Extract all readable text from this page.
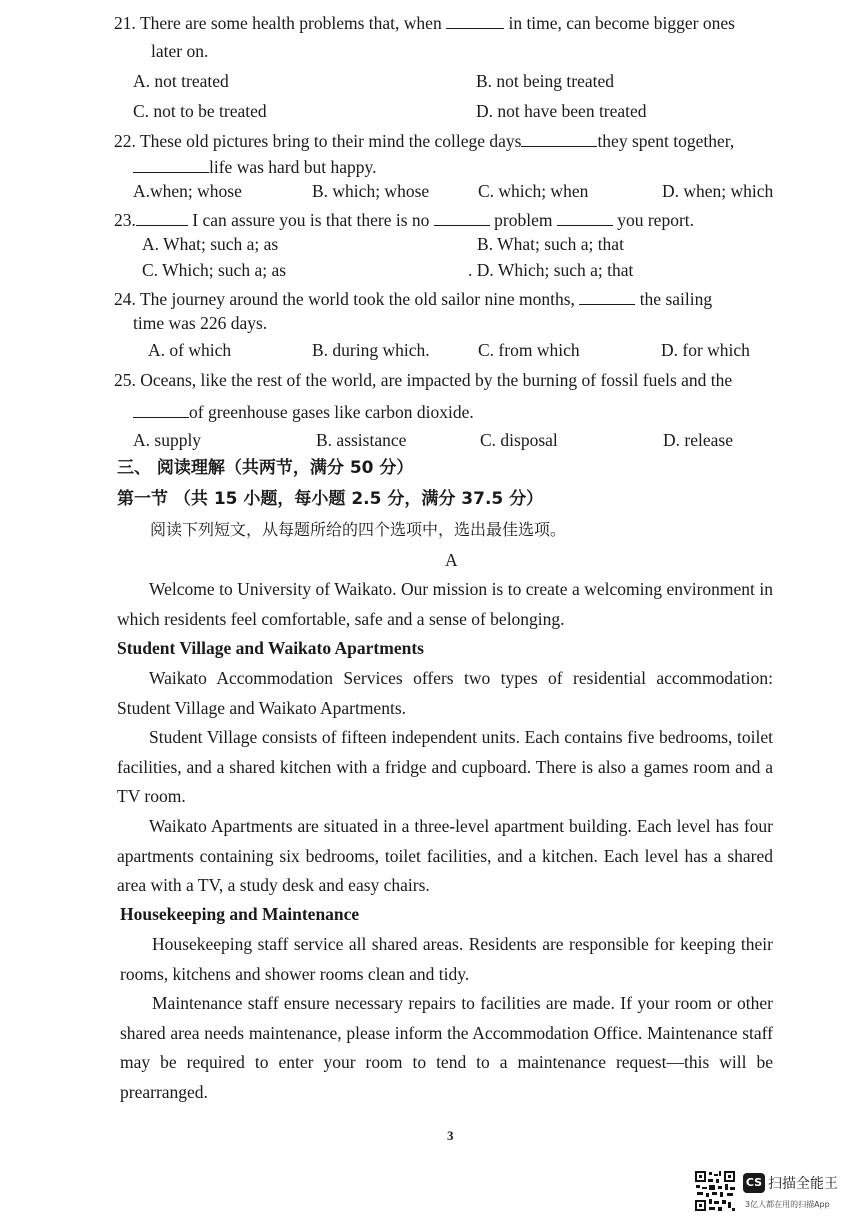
21. There are some health problems that, when	in time, can become bigger ones
later on.
A. not treated	B. not being treated
C. not to be treated	D. not have been treated
22. These old pictures bring to their mind the college days	they spent together,
life was hard but happy.
A.when; whose	B. which; whose	C. which; when	D. when; which
23.	I can assure you is that there is no	problem	you report.
A. What; such a; as	B. What; such a; that
C. Which; such a; as	. D. Which; such a; that
24. The journey around the world took the old sailor nine months,	the sailing
time was 226 days.
A. of which	B. during which.	C. from which	D. for which
25. Oceans, like the rest of the world, are impacted by the burning of fossil fuels and the
of greenhouse gases like carbon dioxide.
A. supply	B. assistance	C. disposal	D. release
三、 阅读理解（共两节，满分 50 分）
第一节 （共 15 小题，每小题 2.5 分，满分 37.5 分）
阅读下列短文，从每题所给的四个选项中，选出最佳选项。
A
Welcome to University of Waikato. Our mission is to create a welcoming environment in which residents feel comfortable, safe and a sense of belonging.
Student Village and Waikato Apartments
Waikato Accommodation Services offers two types of residential accommodation: Student Village and Waikato Apartments.
Student Village consists of fifteen independent units. Each contains five bedrooms, toilet facilities, and a shared kitchen with a fridge and cupboard. There is also a games room and a TV room.
Waikato Apartments are situated in a three-level apartment building. Each level has four apartments containing six bedrooms, toilet facilities, and a kitchen. Each level has a shared area with a TV, a study desk and easy chairs.
Housekeeping and Maintenance
Housekeeping staff service all shared areas. Residents are responsible for keeping their rooms, kitchens and shower rooms clean and tidy.
Maintenance staff ensure necessary repairs to facilities are made. If your room or other shared area needs maintenance, please inform the Accommodation Office. Maintenance staff may be required to enter your room to tend to a maintenance request—this will be prearranged.
3
CS 扫描全能王
3亿人都在用的扫描App
